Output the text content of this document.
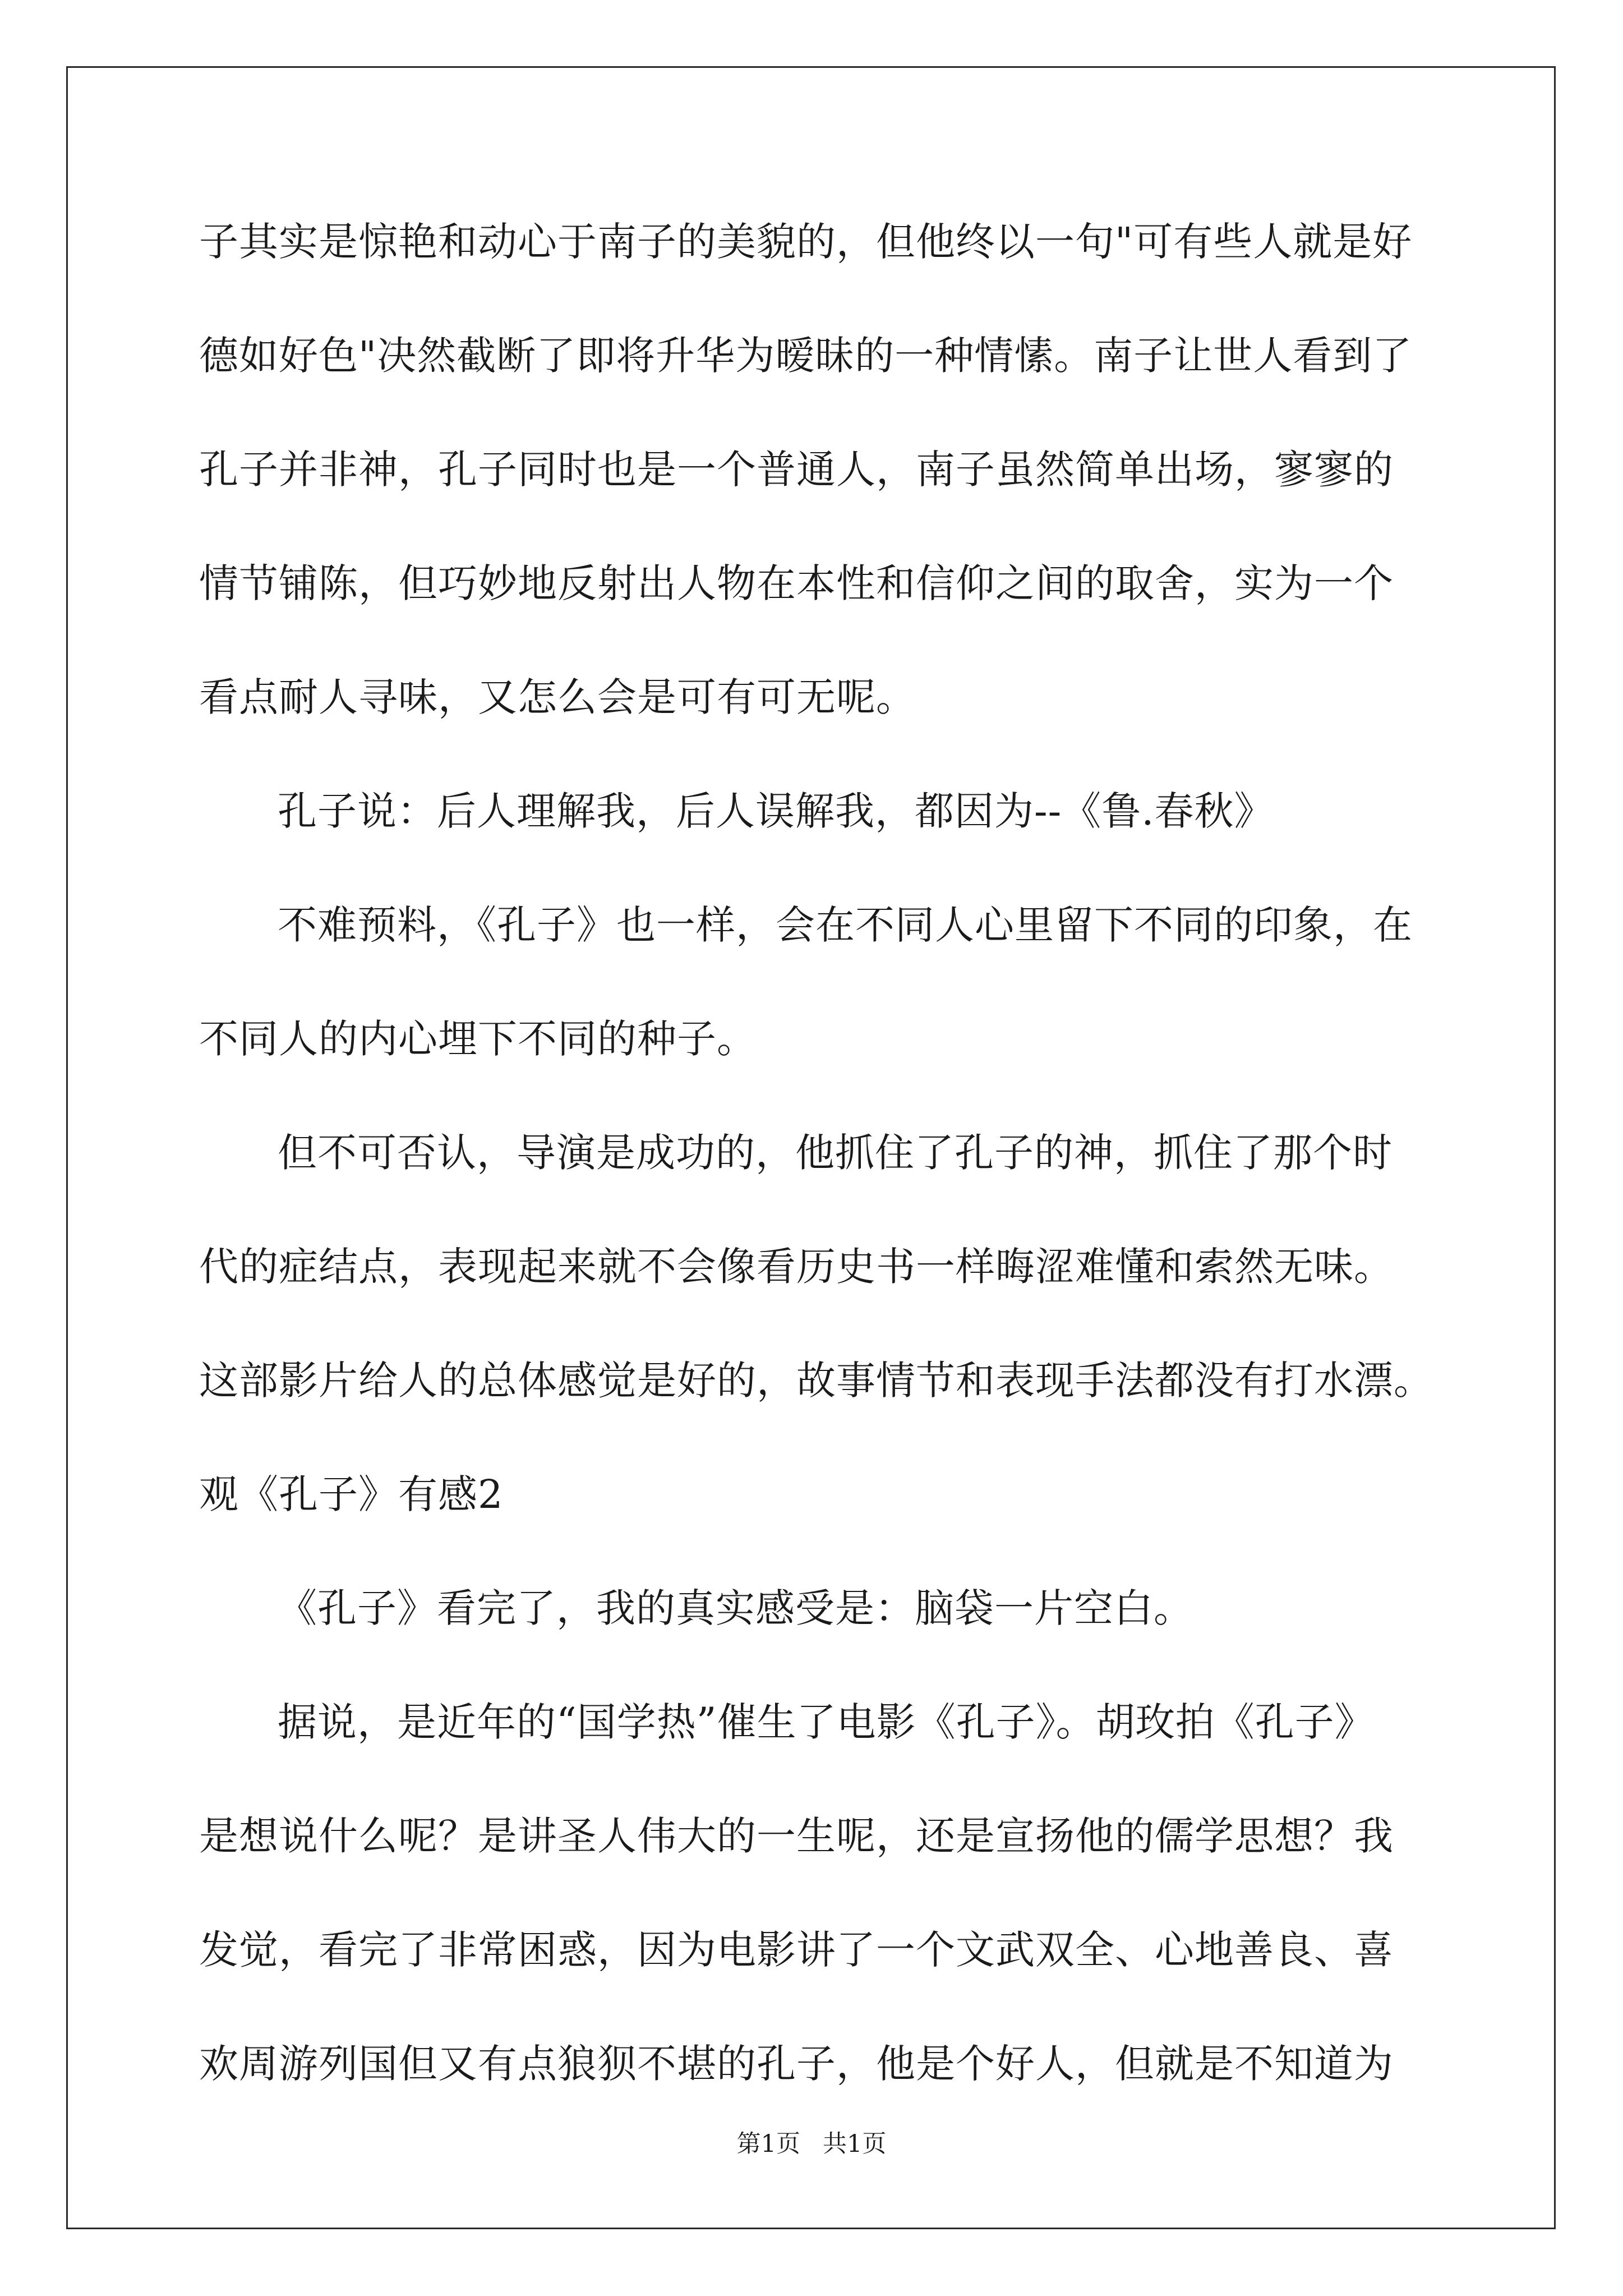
子其实是惊艳和动心于南子的美貌的，但他终以一句"可有些人就是好
德如好色"决然截断了即将升华为暧昧的一种情愫。南子让世人看到了
孔子并非神，孔子同时也是一个普通人，南子虽然简单出场，寥寥的
情节铺陈，但巧妙地反射出人物在本性和信仰之间的取舍，实为一个
看点耐人寻味，又怎么会是可有可无呢。
孔子说：后人理解我，后人误解我，都因为--《鲁.春秋》
不难预料，《孔子》也一样，会在不同人心里留下不同的印象，在
不同人的内心埋下不同的种子。
但不可否认，导演是成功的，他抓住了孔子的神，抓住了那个时
代的症结点，表现起来就不会像看历史书一样晦涩难懂和索然无味。
这部影片给人的总体感觉是好的，故事情节和表现手法都没有打水漂。
观《孔子》有感2
《孔子》看完了，我的真实感受是：脑袋一片空白。
据说，是近年的“国学热”催生了电影《孔子》。胡玫拍《孔子》
是想说什么呢？是讲圣人伟大的一生呢，还是宣扬他的儒学思想？我
发觉，看完了非常困惑，因为电影讲了一个文武双全、心地善良、喜
欢周游列国但又有点狼狈不堪的孔子，他是个好人，但就是不知道为
第1页 共1页
